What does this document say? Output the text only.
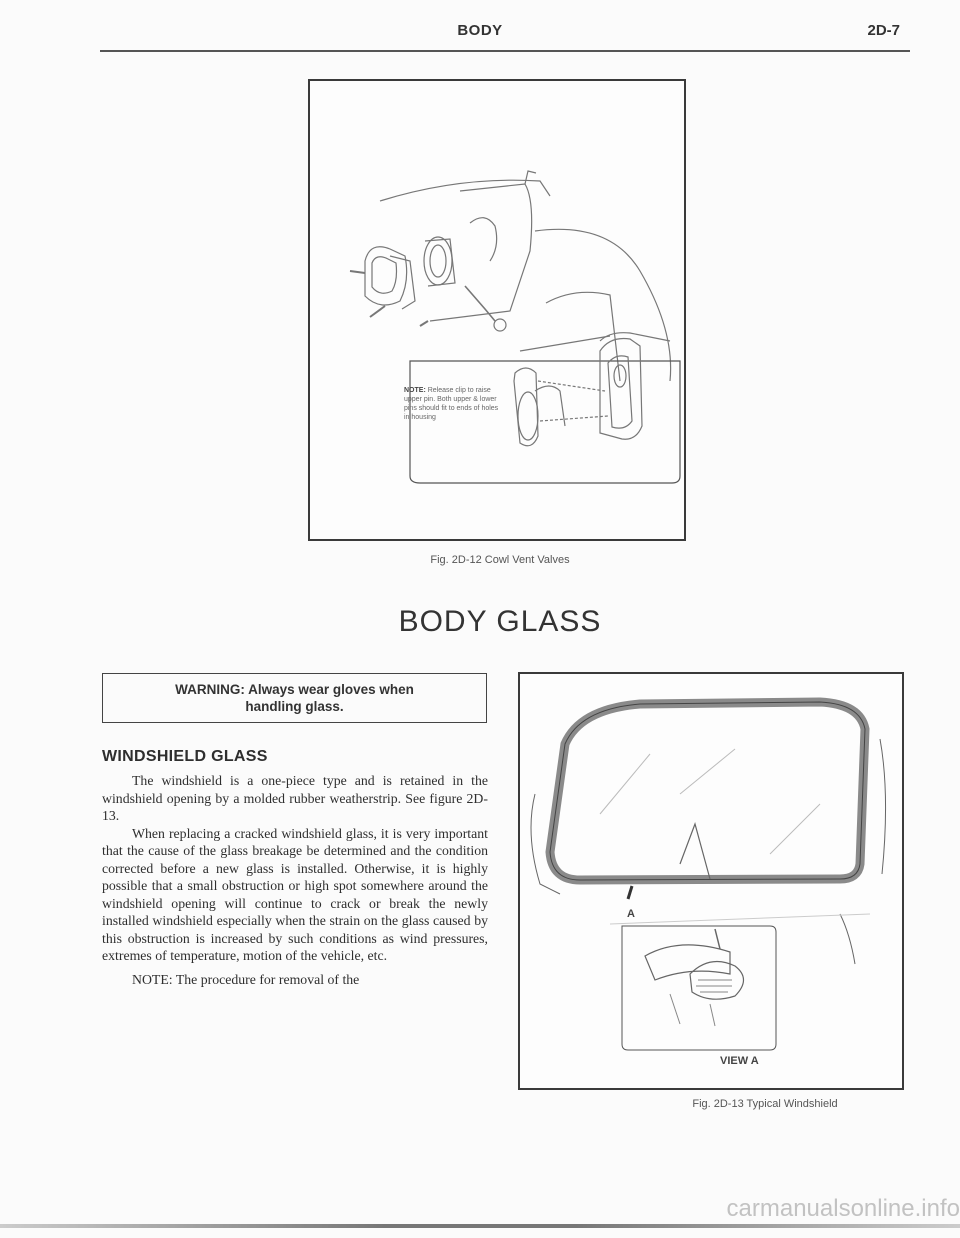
BODY	2D-7
NOTE: Release clip to raise upper pin. Both upper & lower pins should fit to ends of holes in housing
Fig. 2D-12 Cowl Vent Valves
BODY GLASS
WARNING: Always wear gloves when
handling glass.
WINDSHIELD GLASS

The windshield is a one-piece type and is retained in the windshield opening by a molded rubber weatherstrip. See figure 2D-13.

When replacing a cracked windshield glass, it is very important that the cause of the glass breakage be determined and the condition corrected before a new glass is installed. Otherwise, it is highly possible that a small obstruction or high spot somewhere around the windshield opening will continue to crack or break the newly installed windshield especially when the strain on the glass caused by this obstruction is increased by such conditions as wind pressures, extremes of temperature, motion of the vehicle, etc.

NOTE: The procedure for removal of the

A
VIEW A
Fig. 2D-13 Typical Windshield
carmanualsonline.info
